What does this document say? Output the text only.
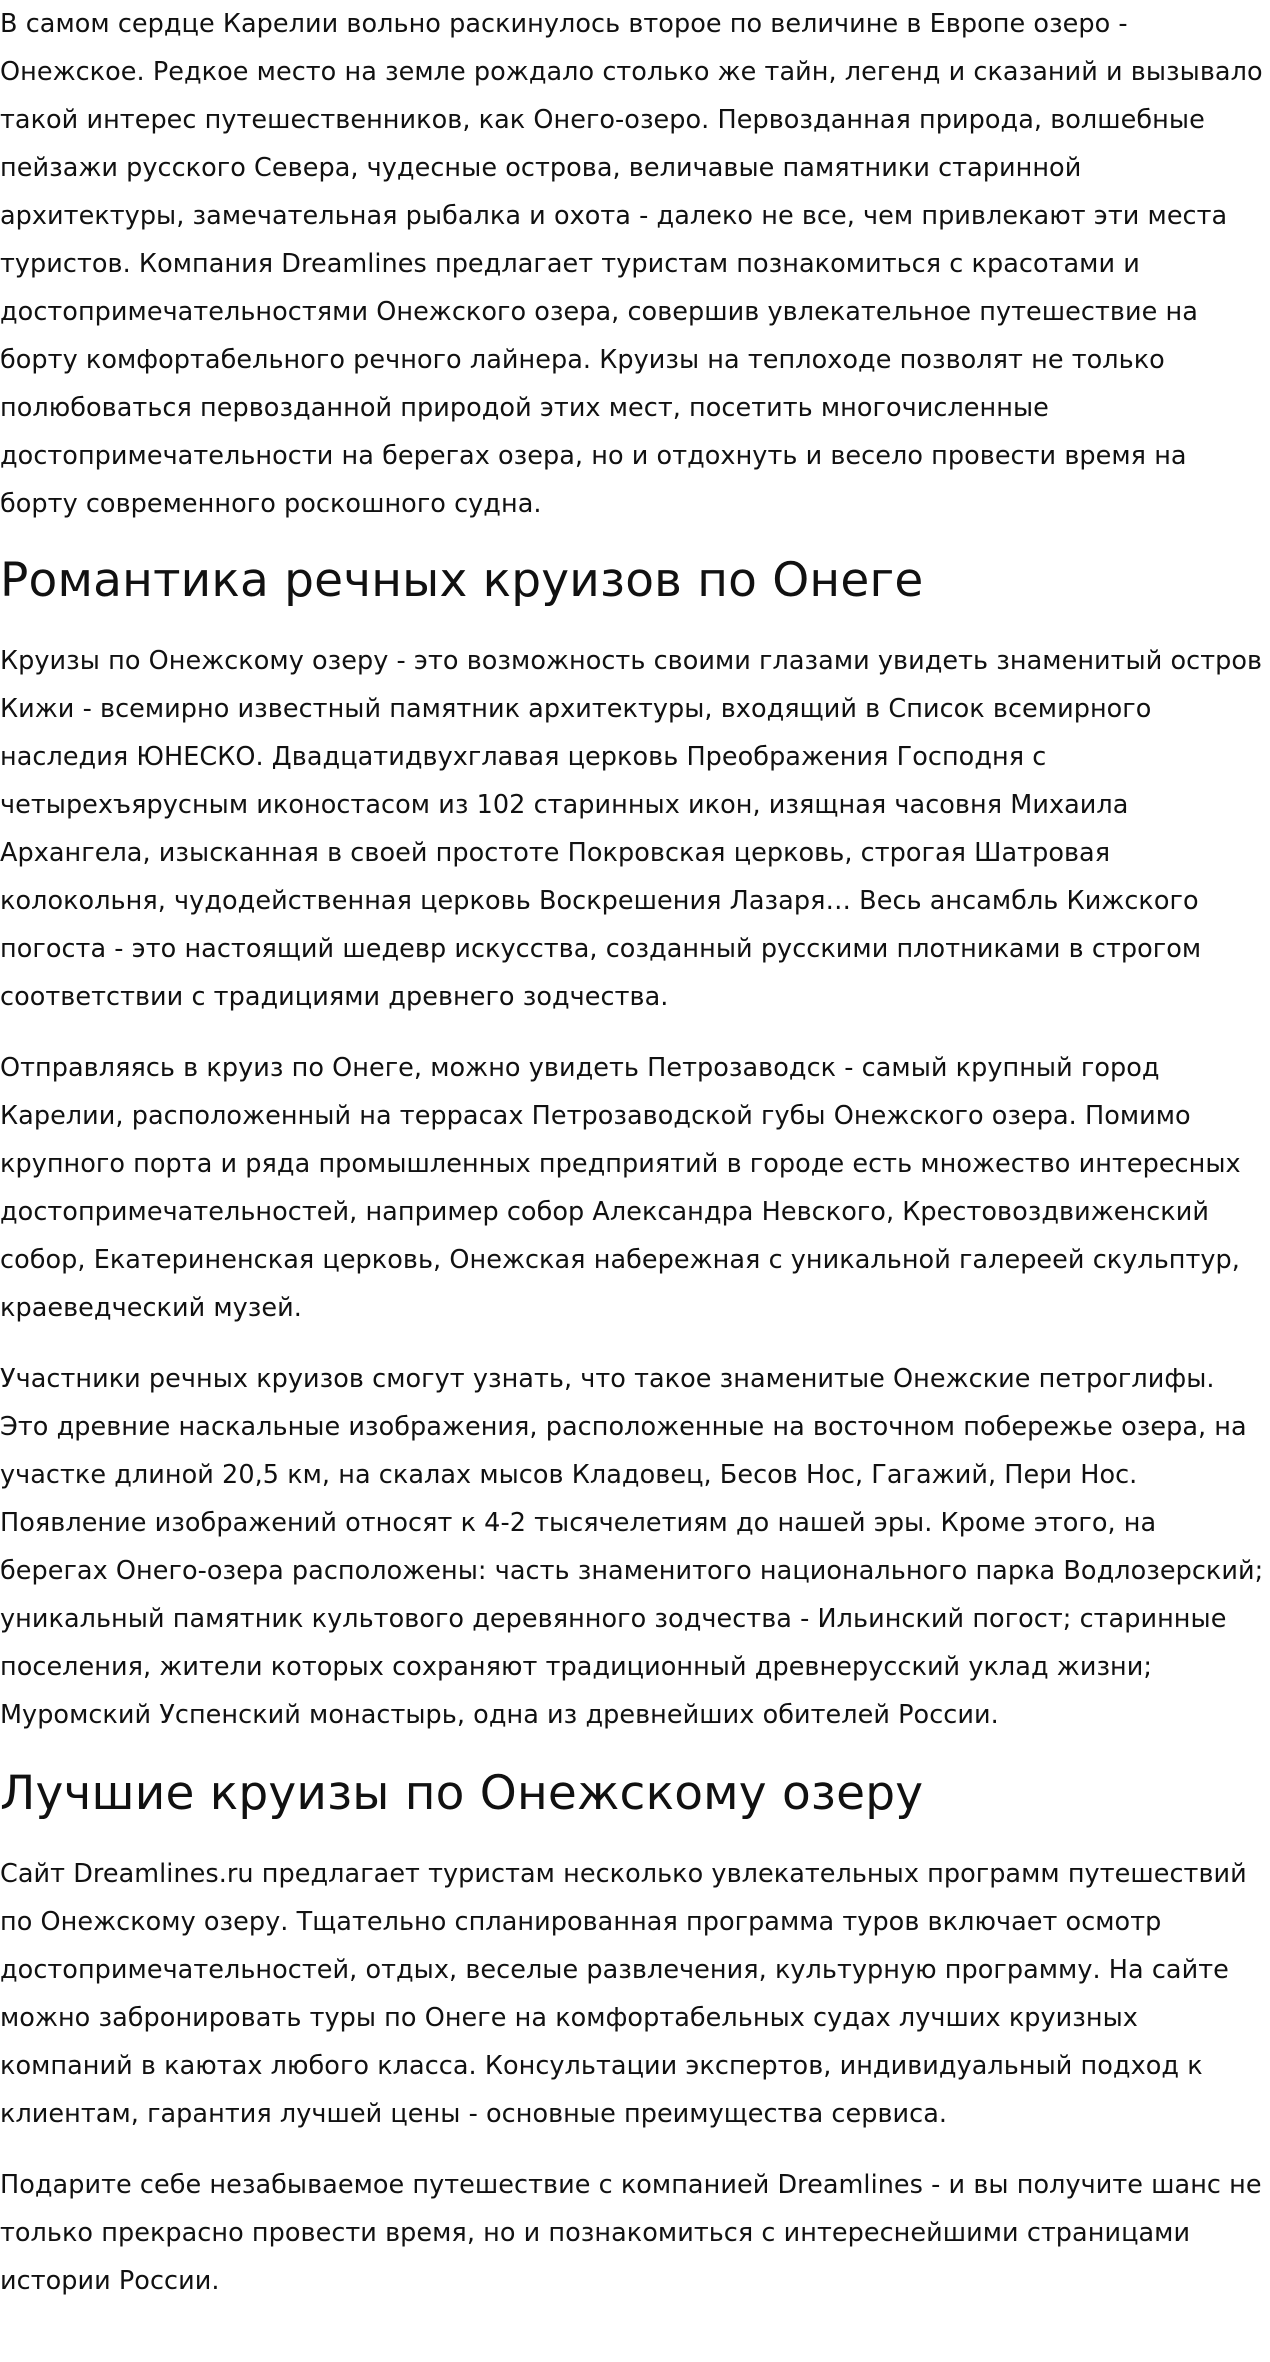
В самом сердце Карелии вольно раскинулось второе по величине в Европе озеро - Онежское. Редкое место на земле рождало столько же тайн, легенд и сказаний и вызывало такой интерес путешественников, как Онего-озеро. Первозданная природа, волшебные пейзажи русского Севера, чудесные острова, величавые памятники старинной архитектуры, замечательная рыбалка и охота - далеко не все, чем привлекают эти места туристов. Компания Dreamlines предлагает туристам познакомиться с красотами и достопримечательностями Онежского озера, совершив увлекательное путешествие на борту комфортабельного речного лайнера. Круизы на теплоходе позволят не только полюбоваться первозданной природой этих мест, посетить многочисленные достопримечательности на берегах озера, но и отдохнуть и весело провести время на борту современного роскошного судна.

Романтика речных круизов по Онеге

Круизы по Онежскому озеру - это возможность своими глазами увидеть знаменитый остров Кижи - всемирно известный памятник архитектуры, входящий в Список всемирного наследия ЮНЕСКО. Двадцатидвухглавая церковь Преображения Господня с четырехъярусным иконостасом из 102 старинных икон, изящная часовня Михаила Архангела, изысканная в своей простоте Покровская церковь, строгая Шатровая колокольня, чудодейственная церковь Воскрешения Лазаря… Весь ансамбль Кижского погоста - это настоящий шедевр искусства, созданный русскими плотниками в строгом соответствии с традициями древнего зодчества.

Отправляясь в круиз по Онеге, можно увидеть Петрозаводск - самый крупный город Карелии, расположенный на террасах Петрозаводской губы Онежского озера. Помимо крупного порта и ряда промышленных предприятий в городе есть множество интересных достопримечательностей, например собор Александра Невского, Крестовоздвиженский собор, Екатериненская церковь, Онежская набережная с уникальной галереей скульптур, краеведческий музей.

Участники речных круизов смогут узнать, что такое знаменитые Онежские петроглифы. Это древние наскальные изображения, расположенные на восточном побережье озера, на участке длиной 20,5 км, на скалах мысов Кладовец, Бесов Нос, Гагажий, Пери Нос. Появление изображений относят к 4-2 тысячелетиям до нашей эры. Кроме этого, на берегах Онего-озера расположены: часть знаменитого национального парка Водлозерский; уникальный памятник культового деревянного зодчества - Ильинский погост; старинные поселения, жители которых сохраняют традиционный древнерусский уклад жизни; Муромский Успенский монастырь, одна из древнейших обителей России.

Лучшие круизы по Онежскому озеру

Сайт Dreamlines.ru предлагает туристам несколько увлекательных программ путешествий по Онежскому озеру. Тщательно спланированная программа туров включает осмотр достопримечательностей, отдых, веселые развлечения, культурную программу. На сайте можно забронировать туры по Онеге на комфортабельных судах лучших круизных компаний в каютах любого класса. Консультации экспертов, индивидуальный подход к клиентам, гарантия лучшей цены - основные преимущества сервиса.

Подарите себе незабываемое путешествие с компанией Dreamlines - и вы получите шанс не только прекрасно провести время, но и познакомиться с интереснейшими страницами истории России.
